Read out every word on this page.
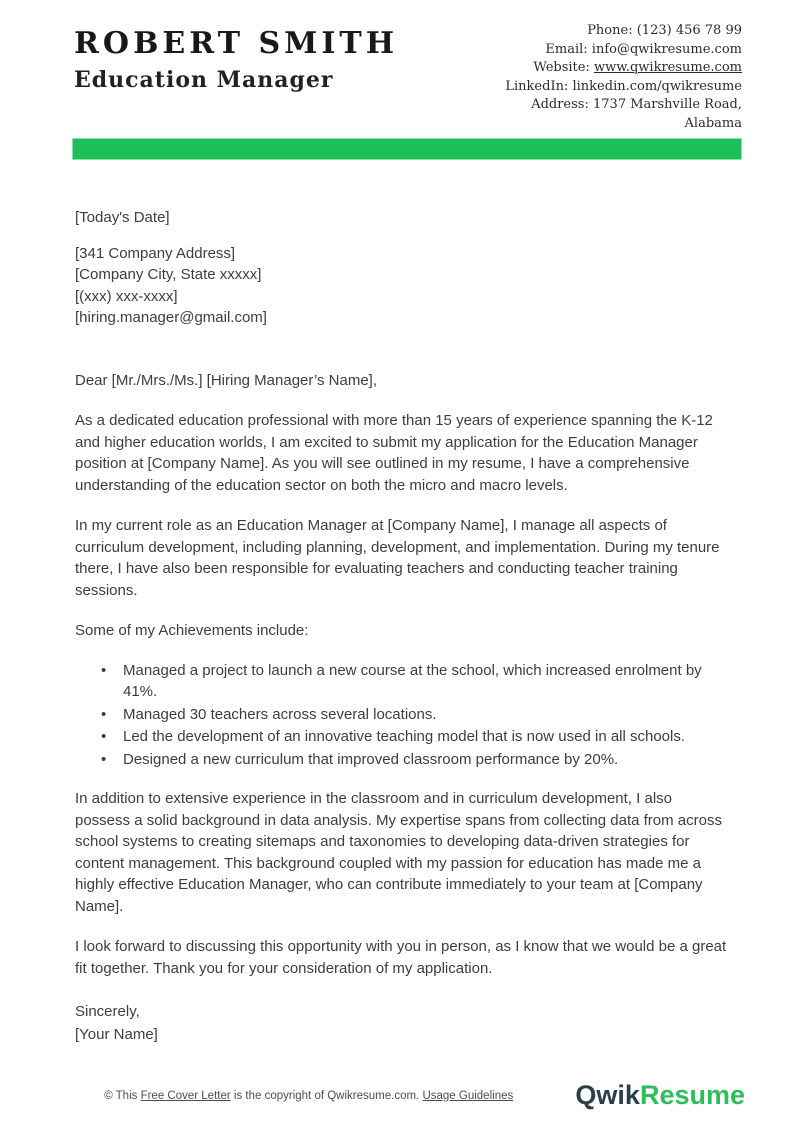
ROBERT SMITH
Education Manager
Phone: (123) 456 78 99
Email: info@qwikresume.com
Website: www.qwikresume.com
LinkedIn: linkedin.com/qwikresume
Address: 1737 Marshville Road,
Alabama

[Today's Date]

[341 Company Address]
[Company City, State xxxxx]
[(xxx) xxx-xxxx]
[hiring.manager@gmail.com]

Dear [Mr./Mrs./Ms.] [Hiring Manager’s Name],

As a dedicated education professional with more than 15 years of experience spanning the K-12 and higher education worlds, I am excited to submit my application for the Education Manager position at [Company Name]. As you will see outlined in my resume, I have a comprehensive understanding of the education sector on both the micro and macro levels.

In my current role as an Education Manager at [Company Name], I manage all aspects of curriculum development, including planning, development, and implementation. During my tenure there, I have also been responsible for evaluating teachers and conducting teacher training sessions.

Some of my Achievements include:

• Managed a project to launch a new course at the school, which increased enrolment by 41%.
• Managed 30 teachers across several locations.
• Led the development of an innovative teaching model that is now used in all schools.
• Designed a new curriculum that improved classroom performance by 20%.

In addition to extensive experience in the classroom and in curriculum development, I also possess a solid background in data analysis. My expertise spans from collecting data from across school systems to creating sitemaps and taxonomies to developing data-driven strategies for content management. This background coupled with my passion for education has made me a highly effective Education Manager, who can contribute immediately to your team at [Company Name].

I look forward to discussing this opportunity with you in person, as I know that we would be a great fit together. Thank you for your consideration of my application.

Sincerely,
[Your Name]
© This Free Cover Letter is the copyright of Qwikresume.com. Usage Guidelines	QwikResume
